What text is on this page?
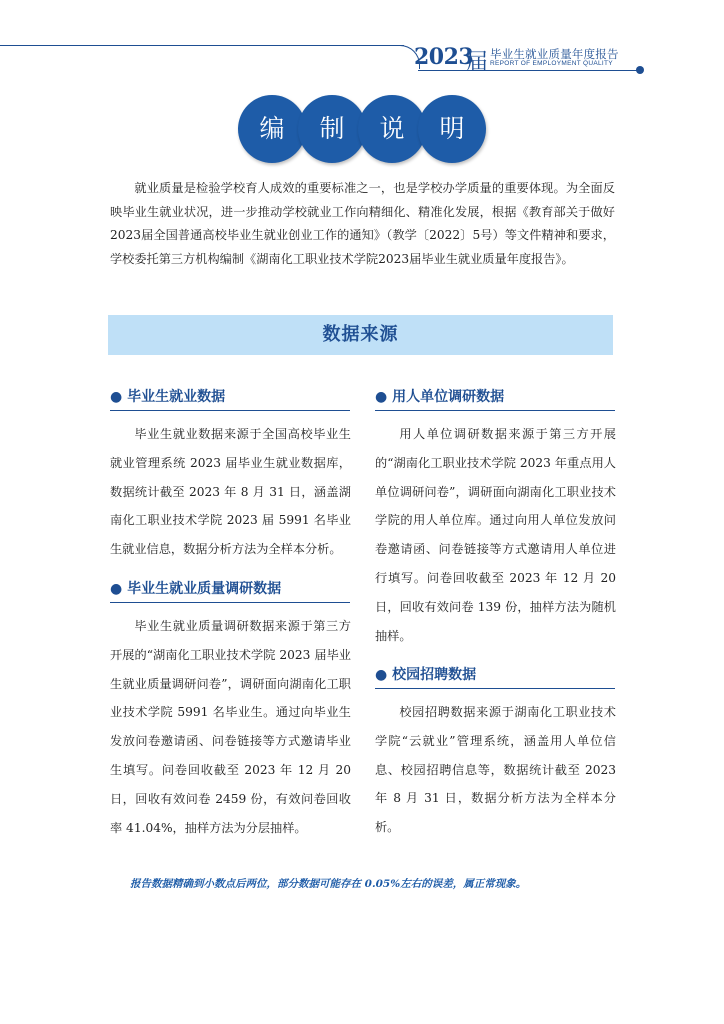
2023
届 毕业生就业质量年度报告
REPORT OF EMPLOYMENT QUALITY
编	制	说	明
就业质量是检验学校育人成效的重要标准之一，也是学校办学质量的重要体现。为全面反映毕业生就业状况，进一步推动学校就业工作向精细化、精准化发展，根据《教育部关于做好2023届全国普通高校毕业生就业创业工作的通知》（教学〔2022〕5号）等文件精神和要求，学校委托第三方机构编制《湖南化工职业技术学院2023届毕业生就业质量年度报告》。
数据来源
● 毕业生就业数据
毕业生就业数据来源于全国高校毕业生就业管理系统 2023 届毕业生就业数据库，数据统计截至 2023 年 8 月 31 日，涵盖湖南化工职业技术学院 2023 届 5991 名毕业生就业信息，数据分析方法为全样本分析。
● 毕业生就业质量调研数据
毕业生就业质量调研数据来源于第三方开展的“湖南化工职业技术学院 2023 届毕业生就业质量调研问卷”，调研面向湖南化工职业技术学院 5991 名毕业生。通过向毕业生发放问卷邀请函、问卷链接等方式邀请毕业生填写。问卷回收截至 2023 年 12 月 20 日，回收有效问卷 2459 份，有效问卷回收率 41.04%，抽样方法为分层抽样。
● 用人单位调研数据
用人单位调研数据来源于第三方开展的“湖南化工职业技术学院 2023 年重点用人单位调研问卷”，调研面向湖南化工职业技术学院的用人单位库。通过向用人单位发放问卷邀请函、问卷链接等方式邀请用人单位进行填写。问卷回收截至 2023 年 12 月 20 日，回收有效问卷 139 份，抽样方法为随机抽样。
● 校园招聘数据
校园招聘数据来源于湖南化工职业技术学院“云就业”管理系统，涵盖用人单位信息、校园招聘信息等，数据统计截至 2023 年 8 月 31 日，数据分析方法为全样本分析。
报告数据精确到小数点后两位，部分数据可能存在 0.05%左右的误差，属正常现象。
